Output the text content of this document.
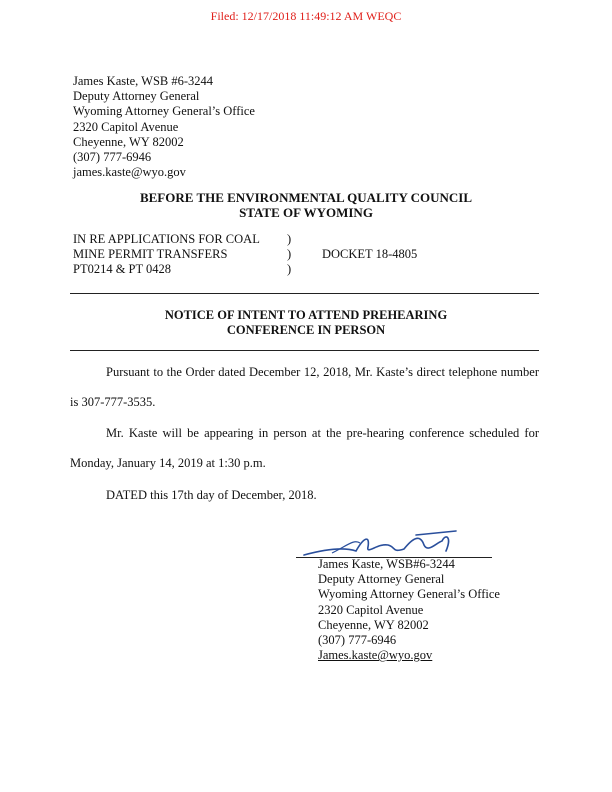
Filed: 12/17/2018 11:49:12 AM WEQC
James Kaste, WSB #6-3244
Deputy Attorney General
Wyoming Attorney General’s Office
2320 Capitol Avenue
Cheyenne, WY 82002
(307) 777-6946
james.kaste@wyo.gov
BEFORE THE ENVIRONMENTAL QUALITY COUNCIL
STATE OF WYOMING
IN RE APPLICATIONS FOR COAL
MINE PERMIT TRANSFERS
PT0214 & PT 0428
)
)
)
DOCKET 18-4805
NOTICE OF INTENT TO ATTEND PREHEARING
CONFERENCE IN PERSON
Pursuant to the Order dated December 12, 2018, Mr. Kaste’s direct telephone number is 307-777-3535.
Mr. Kaste will be appearing in person at the pre-hearing conference scheduled for Monday, January 14, 2019 at 1:30 p.m.
DATED this 17th day of December, 2018.
James Kaste, WSB#6-3244
Deputy Attorney General
Wyoming Attorney General’s Office
2320 Capitol Avenue
Cheyenne, WY 82002
(307) 777-6946
James.kaste@wyo.gov
